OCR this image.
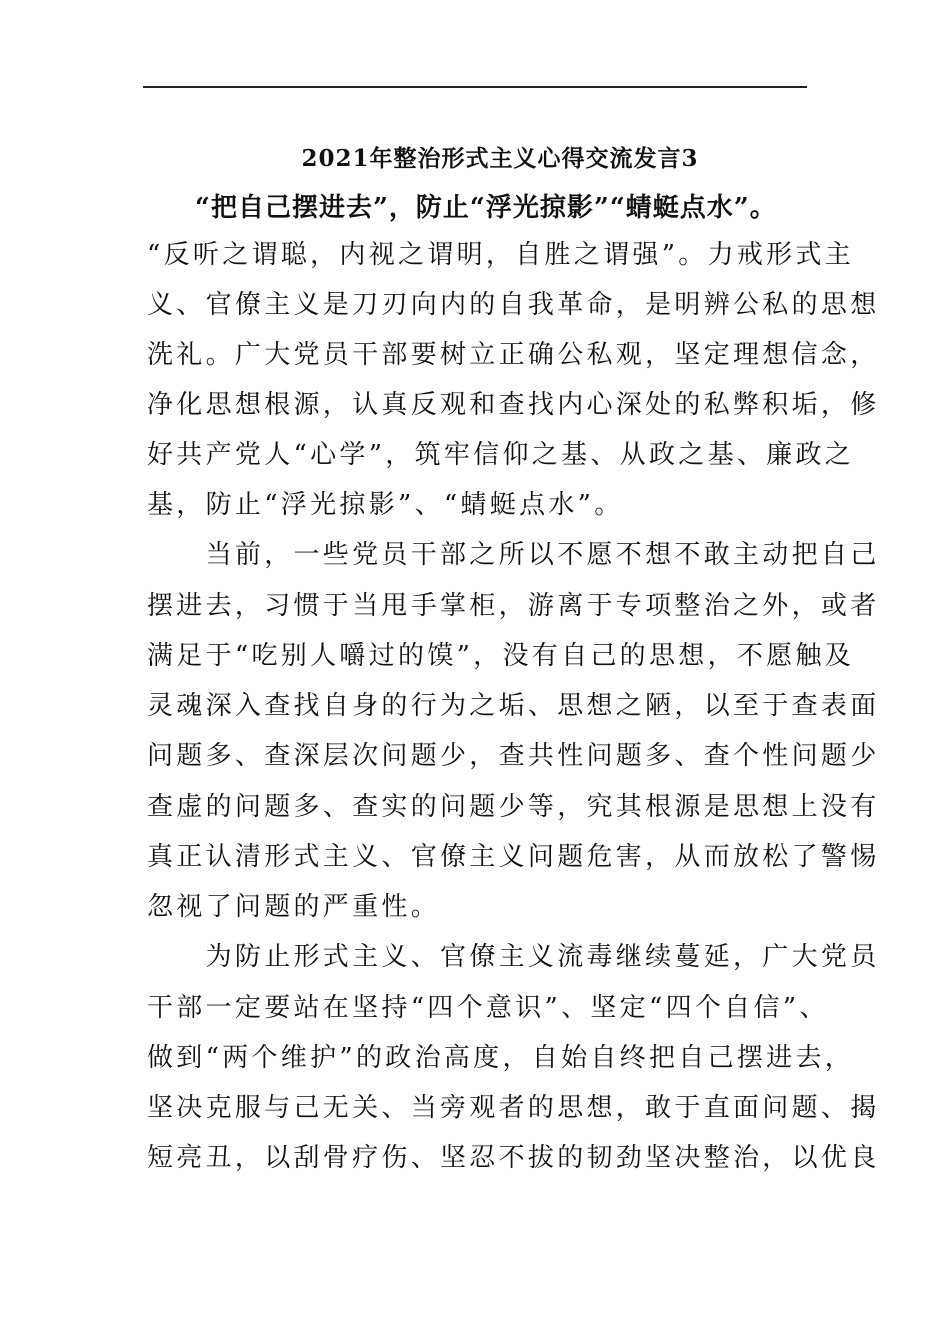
2021年整治形式主义心得交流发言3
“把自己摆进去”，防止“浮光掠影”“蜻蜓点水”。
“反听之谓聪，内视之谓明，自胜之谓强”。力戒形式主
义、官僚主义是刀刃向内的自我革命，是明辨公私的思想
洗礼。广大党员干部要树立正确公私观，坚定理想信念，
净化思想根源，认真反观和查找内心深处的私弊积垢，修
好共产党人“心学”，筑牢信仰之基、从政之基、廉政之
基，防止“浮光掠影”、“蜻蜓点水”。
　　当前，一些党员干部之所以不愿不想不敢主动把自己
摆进去，习惯于当甩手掌柜，游离于专项整治之外，或者
满足于“吃别人嚼过的馍”，没有自己的思想，不愿触及
灵魂深入查找自身的行为之垢、思想之陋，以至于查表面
问题多、查深层次问题少，查共性问题多、查个性问题少
查虚的问题多、查实的问题少等，究其根源是思想上没有
真正认清形式主义、官僚主义问题危害，从而放松了警惕
忽视了问题的严重性。
　　为防止形式主义、官僚主义流毒继续蔓延，广大党员
干部一定要站在坚持“四个意识”、坚定“四个自信”、
做到“两个维护”的政治高度，自始自终把自己摆进去，
坚决克服与己无关、当旁观者的思想，敢于直面问题、揭
短亮丑，以刮骨疗伤、坚忍不拔的韧劲坚决整治，以优良
